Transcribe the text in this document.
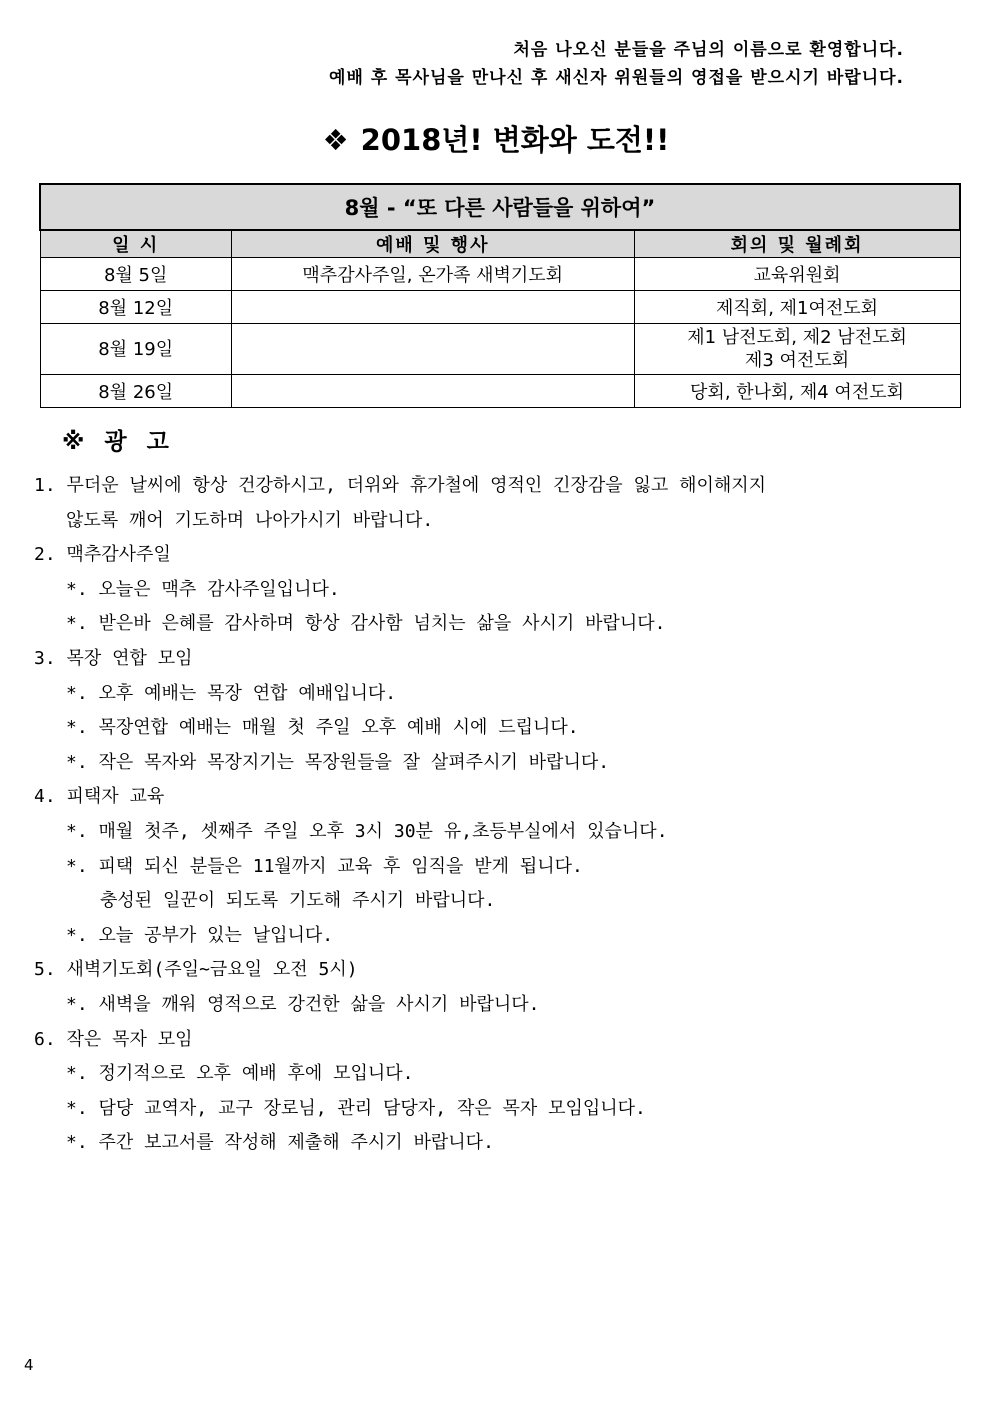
처음 나오신 분들을 주님의 이름으로 환영합니다.
예배 후 목사님을 만나신 후 새신자 위원들의 영접을 받으시기 바랍니다.
❖ 2018년! 변화와 도전!!
8월 - “또 다른 사람들을 위하여”		
일 시	예배 및 행사	회의 및 월례회
8월 5일	맥추감사주일, 온가족 새벽기도회	교육위원회
8월 12일		제직회, 제1여전도회
8월 19일		제1 남전도회, 제2 남전도회
제3 여전도회

8월 26일		당회, 한나회, 제4 여전도회
※ 광 고
1. 무더운 날씨에 항상 건강하시고, 더위와 휴가철에 영적인 긴장감을 잃고 해이해지지
않도록 깨어 기도하며 나아가시기 바랍니다.
2. 맥추감사주일
*. 오늘은 맥추 감사주일입니다.
*. 받은바 은혜를 감사하며 항상 감사함 넘치는 삶을 사시기 바랍니다.
3. 목장 연합 모임
*. 오후 예배는 목장 연합 예배입니다.
*. 목장연합 예배는 매월 첫 주일 오후 예배 시에 드립니다.
*. 작은 목자와 목장지기는 목장원들을 잘 살펴주시기 바랍니다.
4. 피택자 교육
*. 매월 첫주, 셋째주 주일 오후 3시 30분 유,초등부실에서 있습니다.
*. 피택 되신 분들은 11월까지 교육 후 임직을 받게 됩니다.
충성된 일꾼이 되도록 기도해 주시기 바랍니다.
*. 오늘 공부가 있는 날입니다.
5. 새벽기도회(주일~금요일 오전 5시)
*. 새벽을 깨워 영적으로 강건한 삶을 사시기 바랍니다.
6. 작은 목자 모임
*. 정기적으로 오후 예배 후에 모입니다.
*. 담당 교역자, 교구 장로님, 관리 담당자, 작은 목자 모임입니다.
*. 주간 보고서를 작성해 제출해 주시기 바랍니다.
4
